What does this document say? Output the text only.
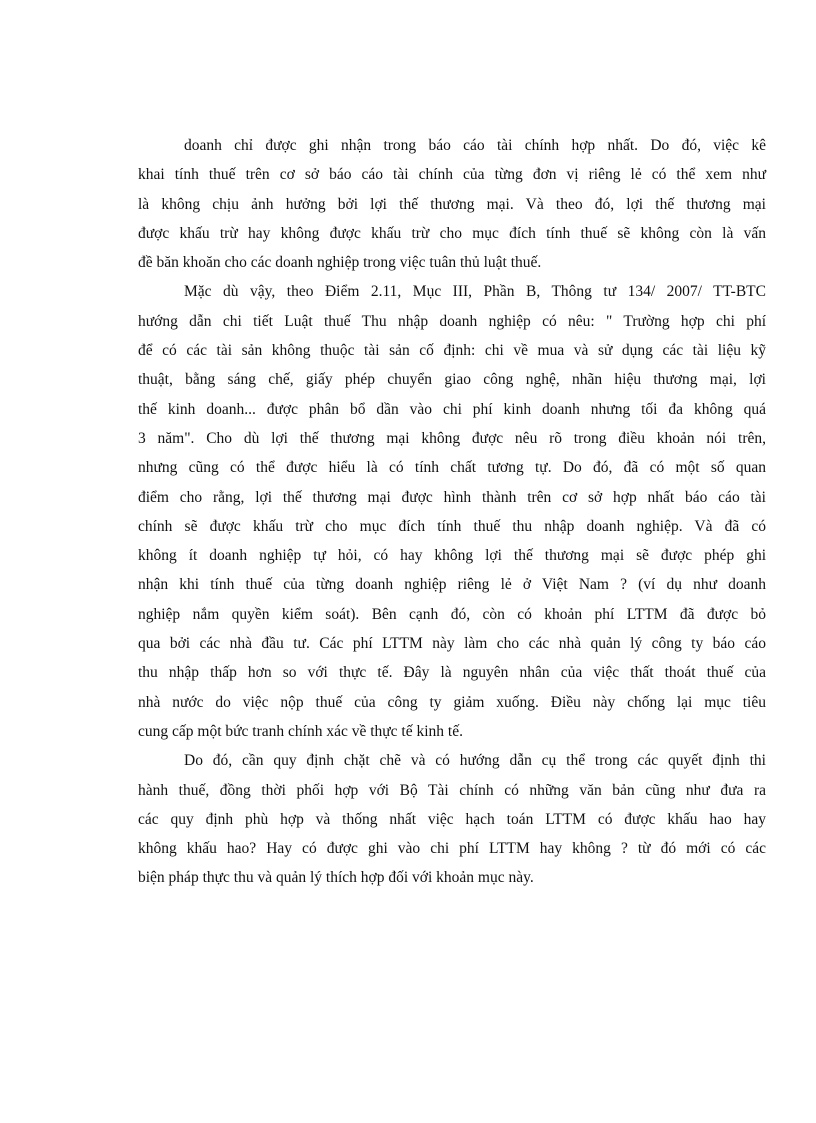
doanh chỉ được ghi nhận trong báo cáo tài chính hợp nhất. Do đó, việc kê
khai tính thuế trên cơ sở báo cáo tài chính của từng đơn vị riêng lẻ có thể xem như
là không chịu ảnh hưởng bởi lợi thế thương mại. Và theo đó, lợi thế thương mại
được khấu trừ hay không được khấu trừ cho mục đích tính thuế sẽ không còn là vấn
đề băn khoăn cho các doanh nghiệp trong việc tuân thủ luật thuế.
Mặc dù vậy, theo Điểm 2.11, Mục III, Phần B, Thông tư 134/ 2007/ TT-BTC
hướng dẫn chi tiết Luật thuế Thu nhập doanh nghiệp có nêu: " Trường hợp chi phí
để có các tài sản không thuộc tài sản cố định: chi về mua và sử dụng các tài liệu kỹ
thuật, bằng sáng chế, giấy phép chuyển giao công nghệ, nhãn hiệu thương mại, lợi
thế kinh doanh... được phân bổ dần vào chi phí kinh doanh nhưng tối đa không quá
3 năm". Cho dù lợi thế thương mại không được nêu rõ trong điều khoản nói trên,
nhưng cũng có thể được hiểu là có tính chất tương tự. Do đó, đã có một số quan
điểm cho rằng, lợi thế thương mại được hình thành trên cơ sở hợp nhất báo cáo tài
chính sẽ được khấu trừ cho mục đích tính thuế thu nhập doanh nghiệp. Và đã có
không ít doanh nghiệp tự hỏi, có hay không lợi thế thương mại sẽ được phép ghi
nhận khi tính thuế của từng doanh nghiệp riêng lẻ ở Việt Nam ? (ví dụ như doanh
nghiệp nắm quyền kiểm soát). Bên cạnh đó, còn có khoản phí LTTM đã được bỏ
qua bởi các nhà đầu tư. Các phí LTTM này làm cho các nhà quản lý công ty báo cáo
thu nhập thấp hơn so với thực tế. Đây là nguyên nhân của việc thất thoát thuế của
nhà nước do việc nộp thuế của công ty giảm xuống. Điều này chống lại mục tiêu
cung cấp một bức tranh chính xác về thực tế kinh tế.
Do đó, cần quy định chặt chẽ và có hướng dẫn cụ thể trong các quyết định thi
hành thuế, đồng thời phối hợp với Bộ Tài chính có những văn bản cũng như đưa ra
các quy định phù hợp và thống nhất việc hạch toán LTTM có được khấu hao hay
không khấu hao? Hay có được ghi vào chi phí LTTM hay không ? từ đó mới có các
biện pháp thực thu và quản lý thích hợp đối với khoản mục này.
